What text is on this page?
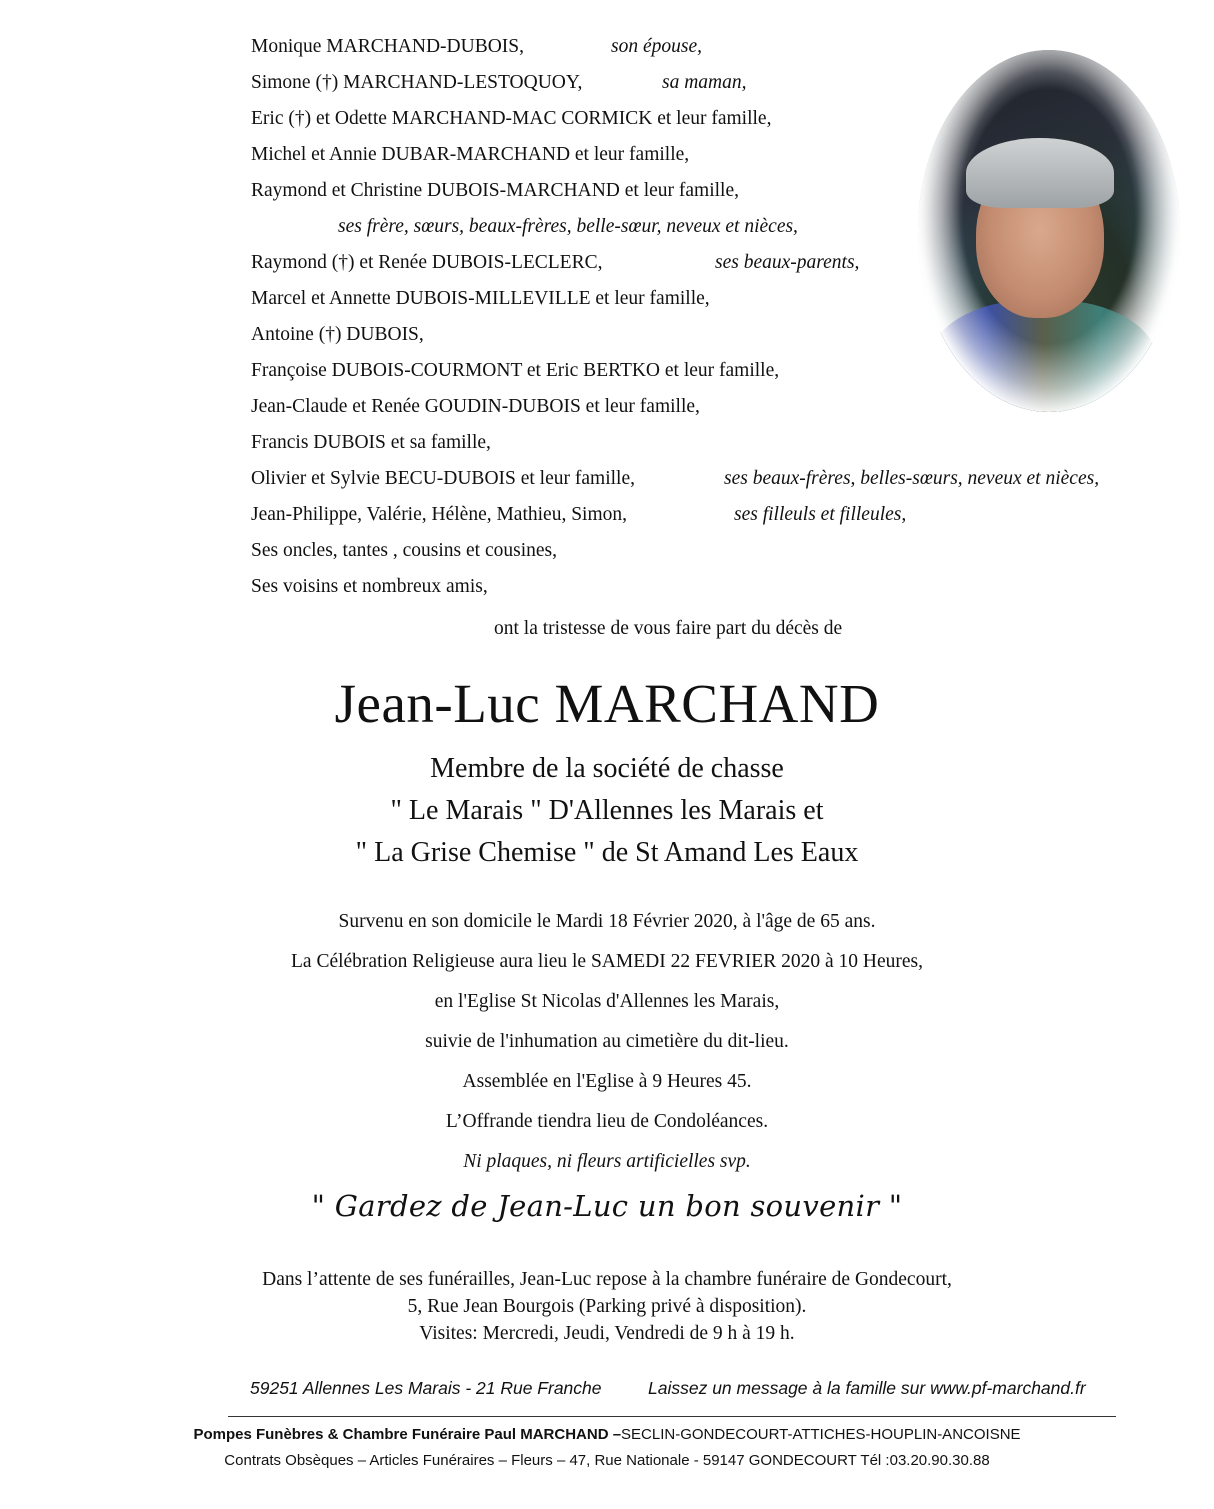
Monique MARCHAND-DUBOIS,	son épouse,
Simone (†) MARCHAND-LESTOQUOY,	sa maman,
Eric (†) et Odette MARCHAND-MAC CORMICK et leur famille,
Michel et Annie DUBAR-MARCHAND et leur famille,
Raymond et Christine DUBOIS-MARCHAND et leur famille,
ses frère, sœurs, beaux-frères, belle-sœur, neveux et nièces,
Raymond (†) et Renée DUBOIS-LECLERC,	ses beaux-parents,
Marcel et Annette DUBOIS-MILLEVILLE et leur famille,
Antoine (†) DUBOIS,
Françoise DUBOIS-COURMONT et Eric BERTKO et leur famille,
Jean-Claude et Renée GOUDIN-DUBOIS et leur famille,
Francis DUBOIS et sa famille,
Olivier et Sylvie BECU-DUBOIS et leur famille,	ses beaux-frères, belles-sœurs, neveux et nièces,
Jean-Philippe, Valérie, Hélène, Mathieu, Simon,	ses filleuls et filleules,
Ses oncles, tantes , cousins et cousines,
Ses voisins et nombreux amis,
ont la tristesse de vous faire part du décès de
Jean-Luc MARCHAND
Membre de la société de chasse
" Le Marais " D'Allennes les Marais et
" La Grise Chemise " de St Amand Les Eaux
Survenu en son domicile le Mardi 18 Février 2020, à l'âge de 65 ans.
La Célébration Religieuse aura lieu le SAMEDI 22 FEVRIER 2020 à 10 Heures,
en l'Eglise St Nicolas d'Allennes les Marais,
suivie de l'inhumation au cimetière du dit-lieu.
Assemblée en l'Eglise à 9 Heures 45.
L’Offrande tiendra lieu de Condoléances.
Ni plaques, ni fleurs artificielles svp.
" Gardez de Jean-Luc un bon souvenir "
Dans l’attente de ses funérailles, Jean-Luc repose à la chambre funéraire de Gondecourt,
5, Rue Jean Bourgois (Parking privé à disposition).
Visites: Mercredi, Jeudi, Vendredi de 9 h à 19 h.
59251 Allennes Les Marais - 21 Rue Franche	Laissez un message à la famille sur www.pf-marchand.fr
Pompes Funèbres & Chambre Funéraire Paul MARCHAND –SECLIN-GONDECOURT-ATTICHES-HOUPLIN-ANCOISNE
Contrats Obsèques – Articles Funéraires – Fleurs – 47, Rue Nationale - 59147 GONDECOURT Tél :03.20.90.30.88
